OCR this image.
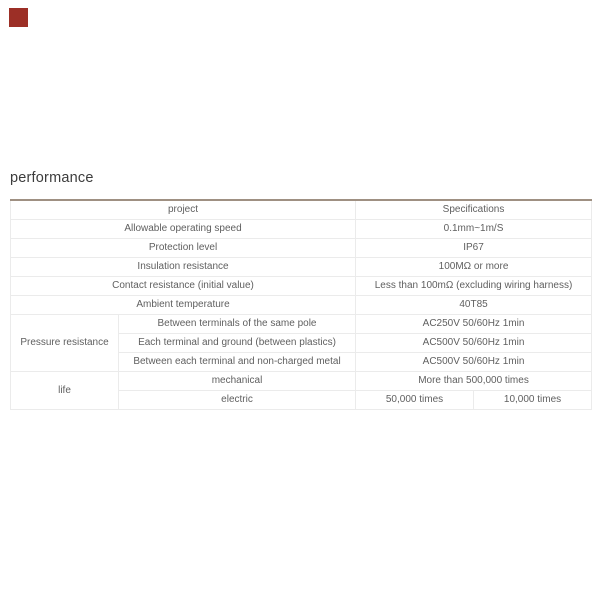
performance
project		Specifications	
Allowable operating speed		0.1mm~1m/S	
Protection level		IP67	
Insulation resistance		100MΩ or more	
Contact resistance (initial value)		Less than 100mΩ (excluding wiring harness)	
Ambient temperature		40T85	
Pressure resistance	Between terminals of the same pole	AC250V 50/60Hz 1min	
	Each terminal and ground (between plastics)	AC500V 50/60Hz 1min	
	Between each terminal and non-charged metal	AC500V 50/60Hz 1min	
life	mechanical	More than 500,000 times	
	electric	50,000 times	10,000 times
